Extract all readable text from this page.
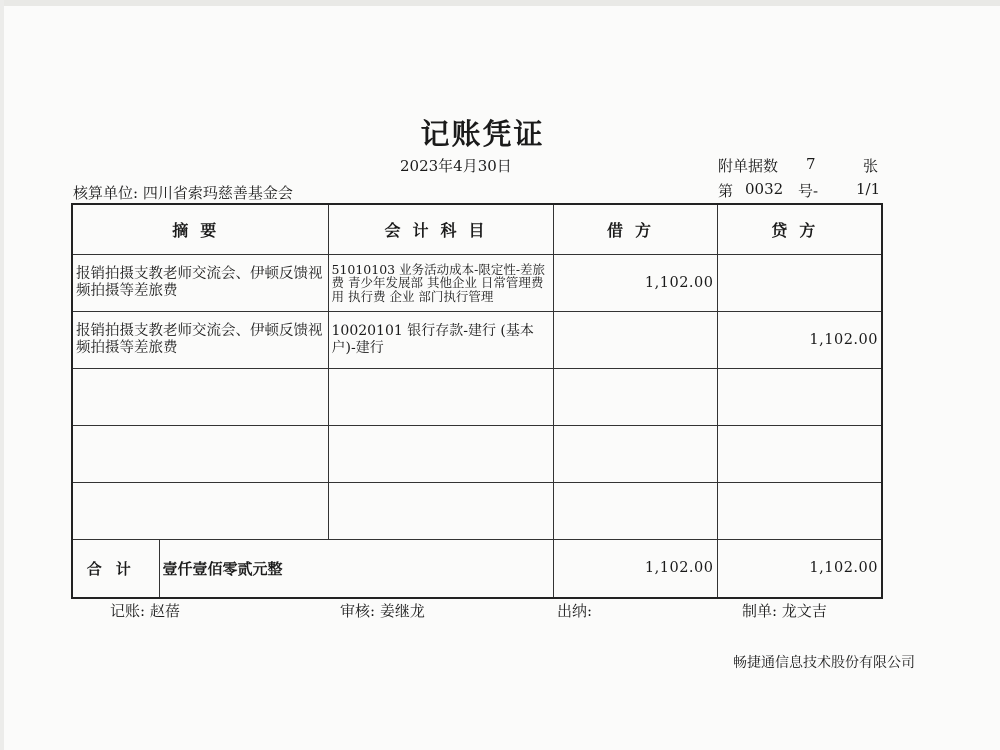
记账凭证
2023年4月30日	附单据数 7	张
核算单位: 四川省索玛慈善基金会	第 0032 号-	1/1
摘要		会计科目	借方	贷方
报销拍摄支教老师交流会、伊顿反馈视频拍摄等差旅费		51010103 业务活动成本-限定性-差旅费 青少年发展部 其他企业 日常管理费用 执行费 企业 部门执行管理	1,102.00	
报销拍摄支教老师交流会、伊顿反馈视频拍摄等差旅费		10020101 银行存款-建行 (基本户)-建行		1,102.00

合计	壹仟壹佰零贰元整		1,102.00	1,102.00
记账: 赵蓓	审核: 姜继龙	出纳:	制单: 龙文吉
畅捷通信息技术股份有限公司
